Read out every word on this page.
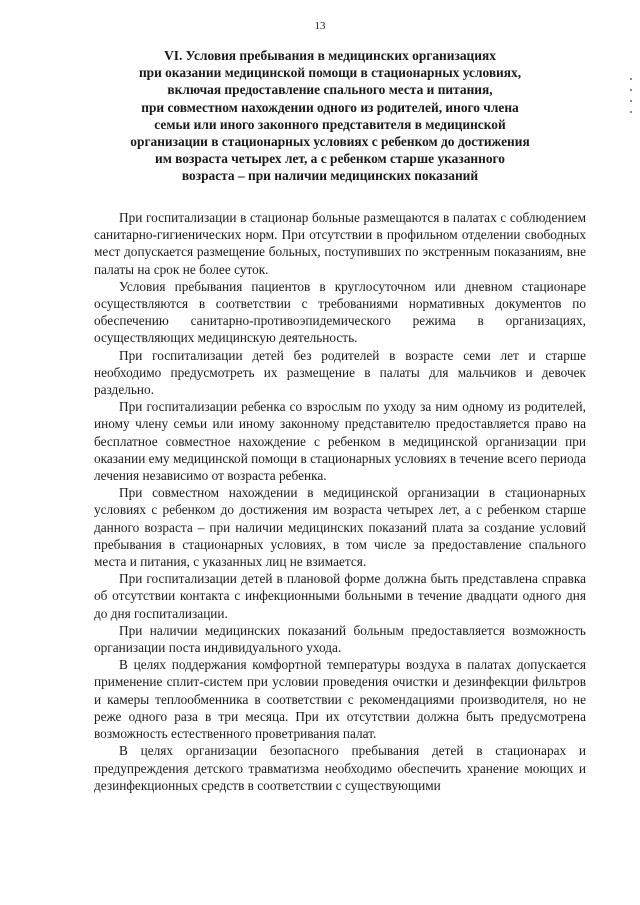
13
VI. Условия пребывания в медицинских организациях
при оказании медицинской помощи в стационарных условиях,
включая предоставление спального места и питания,
при совместном нахождении одного из родителей, иного члена
семьи или иного законного представителя в медицинской
организации в стационарных условиях с ребенком до достижения
им возраста четырех лет, а с ребенком старше указанного
возраста – при наличии медицинских показаний

При госпитализации в стационар больные размещаются в палатах с соблюдением санитарно-гигиенических норм. При отсутствии в профильном отделении свободных мест допускается размещение больных, поступивших по экстренным показаниям, вне палаты на срок не более суток.

Условия пребывания пациентов в круглосуточном или дневном стационаре осуществляются в соответствии с требованиями нормативных документов по обеспечению санитарно-противоэпидемического режима в организациях, осуществляющих медицинскую деятельность.

При госпитализации детей без родителей в возрасте семи лет и старше необходимо предусмотреть их размещение в палаты для мальчиков и девочек раздельно.

При госпитализации ребенка со взрослым по уходу за ним одному из родителей, иному члену семьи или иному законному представителю предоставляется право на бесплатное совместное нахождение с ребенком в медицинской организации при оказании ему медицинской помощи в стационарных условиях в течение всего периода лечения независимо от возраста ребенка.

При совместном нахождении в медицинской организации в стационарных условиях с ребенком до достижения им возраста четырех лет, а с ребенком старше данного возраста – при наличии медицинских показаний плата за создание условий пребывания в стационарных условиях, в том числе за предоставление спального места и питания, с указанных лиц не взимается.

При госпитализации детей в плановой форме должна быть представлена справка об отсутствии контакта с инфекционными больными в течение двадцати одного дня до дня госпитализации.

При наличии медицинских показаний больным предоставляется возможность организации поста индивидуального ухода.

В целях поддержания комфортной температуры воздуха в палатах допускается применение сплит-систем при условии проведения очистки и дезинфекции фильтров и камеры теплообменника в соответствии с рекомендациями производителя, но не реже одного раза в три месяца. При их отсутствии должна быть предусмотрена возможность естественного проветривания палат.

В целях организации безопасного пребывания детей в стационарах и предупреждения детского травматизма необходимо обеспечить хранение моющих и дезинфекционных средств в соответствии с существующими
